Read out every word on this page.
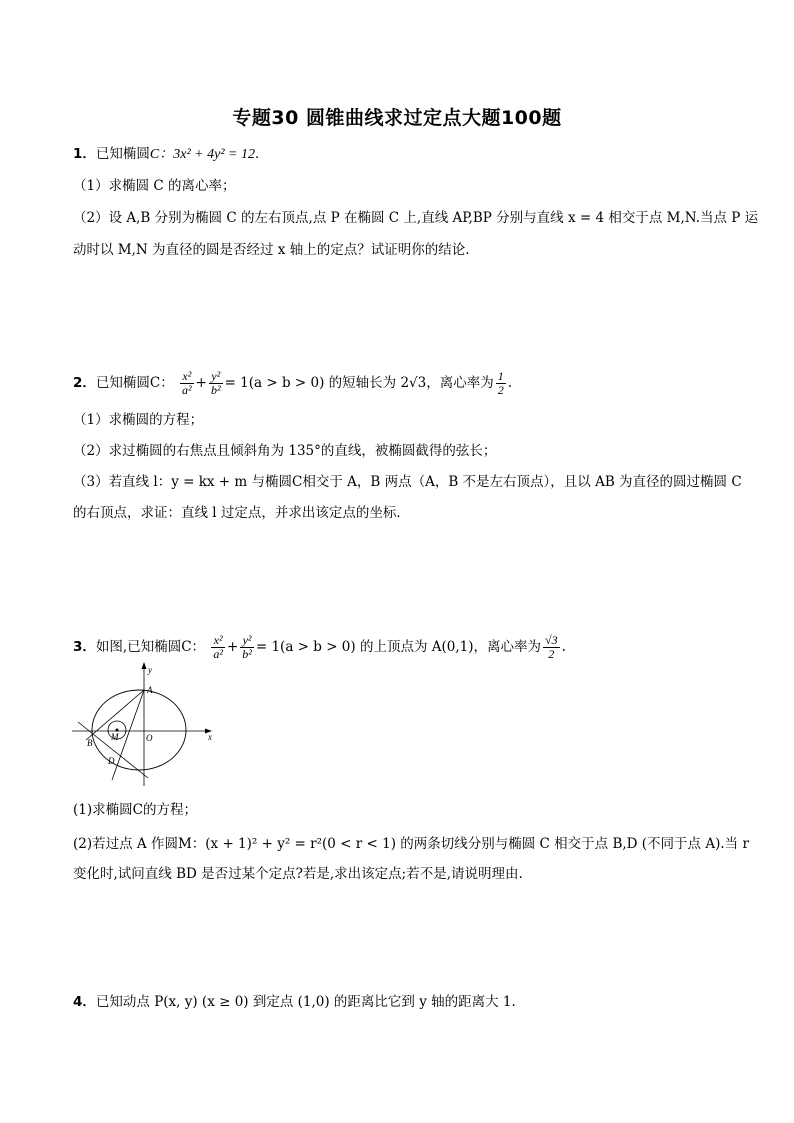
专题30 圆锥曲线求过定点大题100题
1．已知椭圆C：3x² + 4y² = 12．
（1）求椭圆 C 的离心率；
（2）设 A,B 分别为椭圆 C 的左右顶点,点 P 在椭圆 C 上,直线 AP,BP 分别与直线 x = 4 相交于点 M,N.当点 P 运
动时以 M,N 为直径的圆是否经过 x 轴上的定点？试证明你的结论.
2．已知椭圆C： $\frac{\text{x²}}{\text{a²}} + \frac{\text{y²}}{\text{b²}} = 1(a > b > 0)$ 的短轴长为 2√3，离心率为 $\frac{1}{2}$ .
（1）求椭圆的方程；
（2）求过椭圆的右焦点且倾斜角为 135°的直线，被椭圆截得的弦长；
（3）若直线 l：y = kx + m 与椭圆C相交于 A，B 两点（A，B 不是左右顶点），且以 AB 为直径的圆过椭圆 C
的右顶点，求证：直线 l 过定点，并求出该定点的坐标．
3．如图,已知椭圆C： $\frac{\text{x²}}{\text{a²}} + \frac{\text{y²}}{\text{b²}} = 1(a > b > 0)$ 的上顶点为 A(0,1)，离心率为 $\frac{√3}{2}$ .
y
x
A
B
M	O
D
(1)求椭圆C的方程；
(2)若过点 A 作圆M：(x + 1)² + y² = r²(0 < r < 1) 的两条切线分别与椭圆 C 相交于点 B,D (不同于点 A).当 r
变化时,试问直线 BD 是否过某个定点?若是,求出该定点;若不是,请说明理由.
4．已知动点 P(x, y) (x ≥ 0) 到定点 (1,0) 的距离比它到 y 轴的距离大 1.
